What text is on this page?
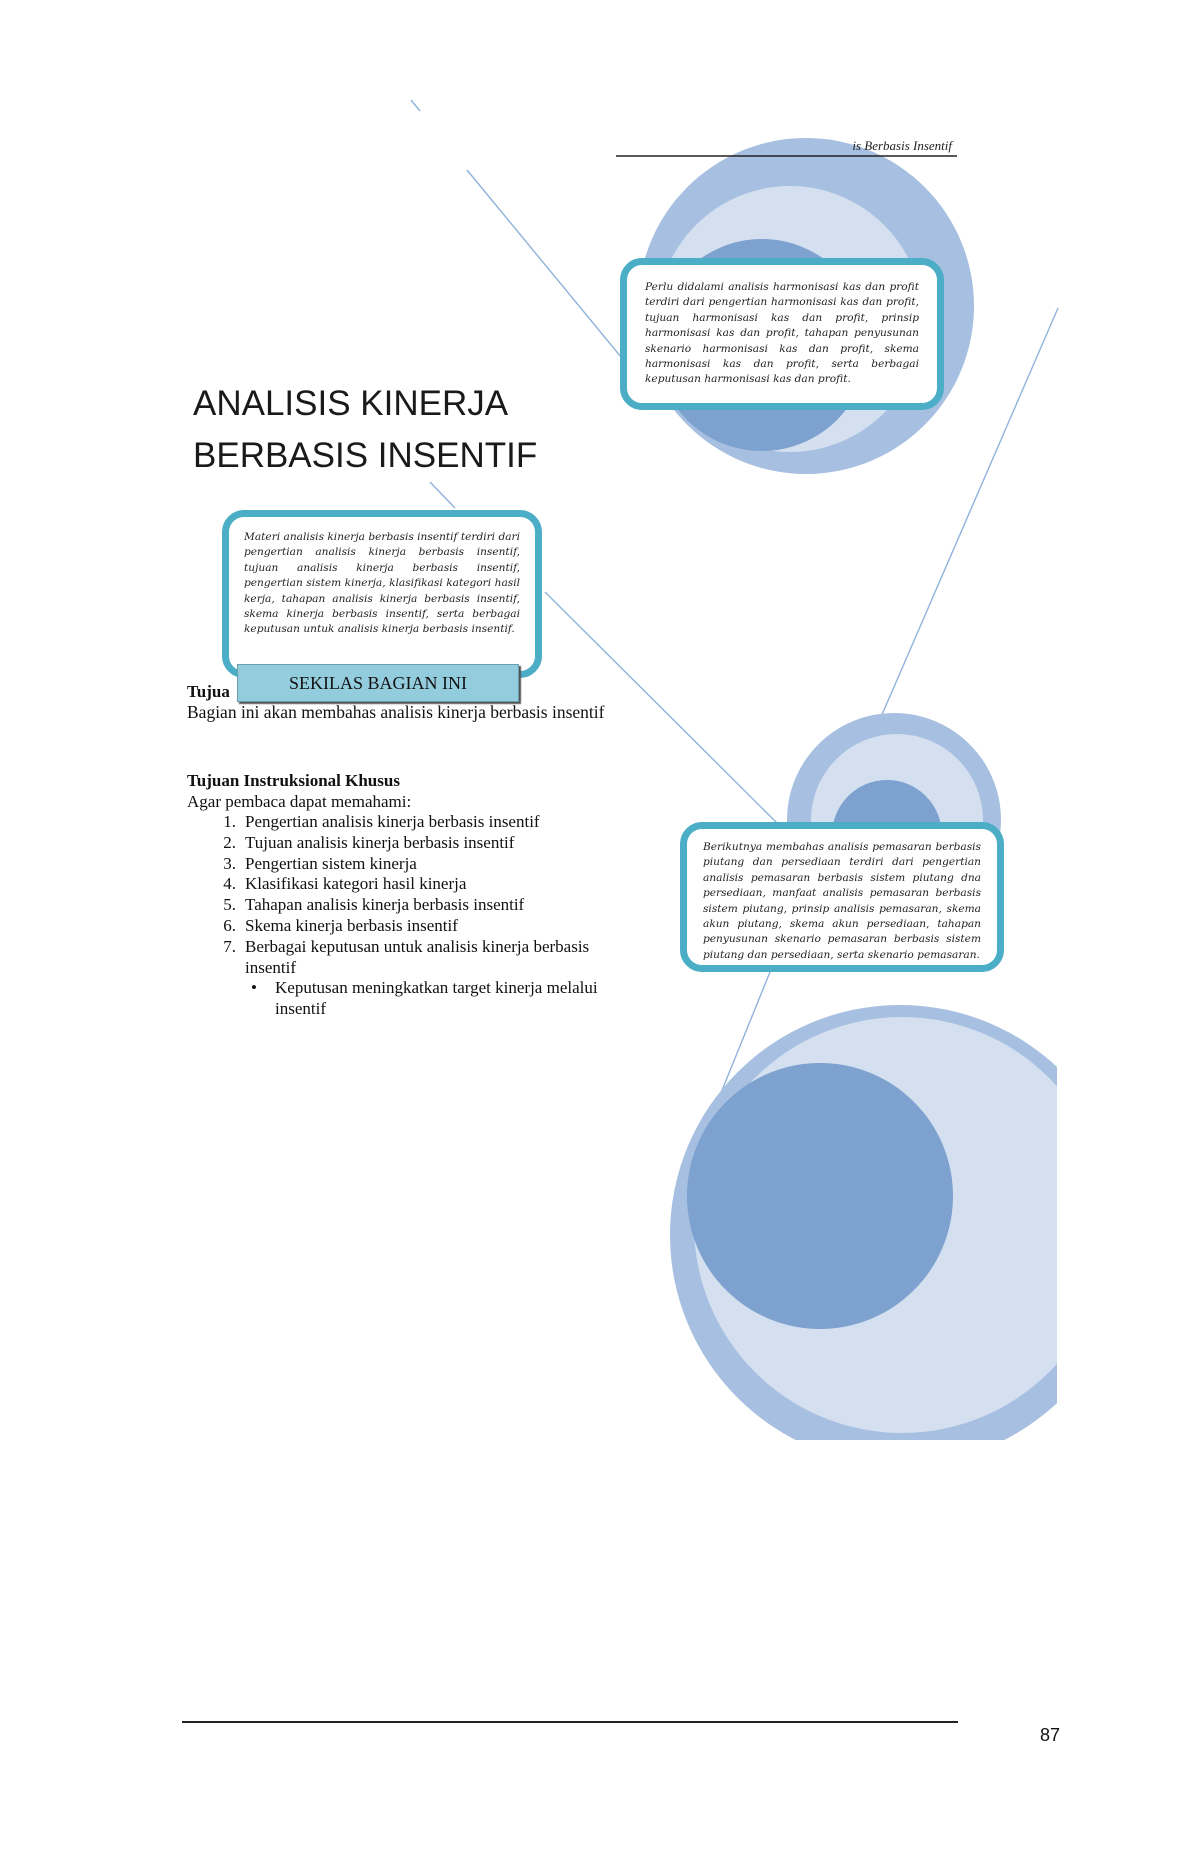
is Berbasis Insentif
ANALISIS KINERJA
BERBASIS INSENTIF
Perlu didalami analisis harmonisasi kas dan profit terdiri dari pengertian harmonisasi kas dan profit, tujuan harmonisasi kas dan profit, prinsip harmonisasi kas dan profit, tahapan penyusunan skenario harmonisasi kas dan profit, skema harmonisasi kas dan profit, serta berbagai keputusan harmonisasi kas dan profit.
Materi analisis kinerja berbasis insentif terdiri dari pengertian analisis kinerja berbasis insentif, tujuan analisis kinerja berbasis insentif, pengertian sistem kinerja, klasifikasi kategori hasil kerja, tahapan analisis kinerja berbasis insentif, skema kinerja berbasis insentif, serta berbagai keputusan untuk analisis kinerja berbasis insentif.
Berikutnya membahas analisis pemasaran berbasis piutang dan persediaan terdiri dari pengertian analisis pemasaran berbasis sistem piutang dna persediaan, manfaat analisis pemasaran berbasis sistem piutang, prinsip analisis pemasaran, skema akun piutang, skema akun persediaan, tahapan penyusunan skenario pemasaran berbasis sistem piutang dan persediaan, serta skenario pemasaran.
Tujua	SEKILAS BAGIAN INI
Bagian ini akan membahas analisis kinerja berbasis insentif
Tujuan Instruksional Khusus
Agar pembaca dapat memahami:
1. Pengertian analisis kinerja berbasis insentif
2. Tujuan analisis kinerja berbasis insentif
3. Pengertian sistem kinerja
4. Klasifikasi kategori hasil kinerja
5. Tahapan analisis kinerja berbasis insentif
6. Skema kinerja berbasis insentif
7. Berbagai keputusan untuk analisis kinerja berbasis insentif
•	Keputusan meningkatkan target kinerja melalui insentif
87
